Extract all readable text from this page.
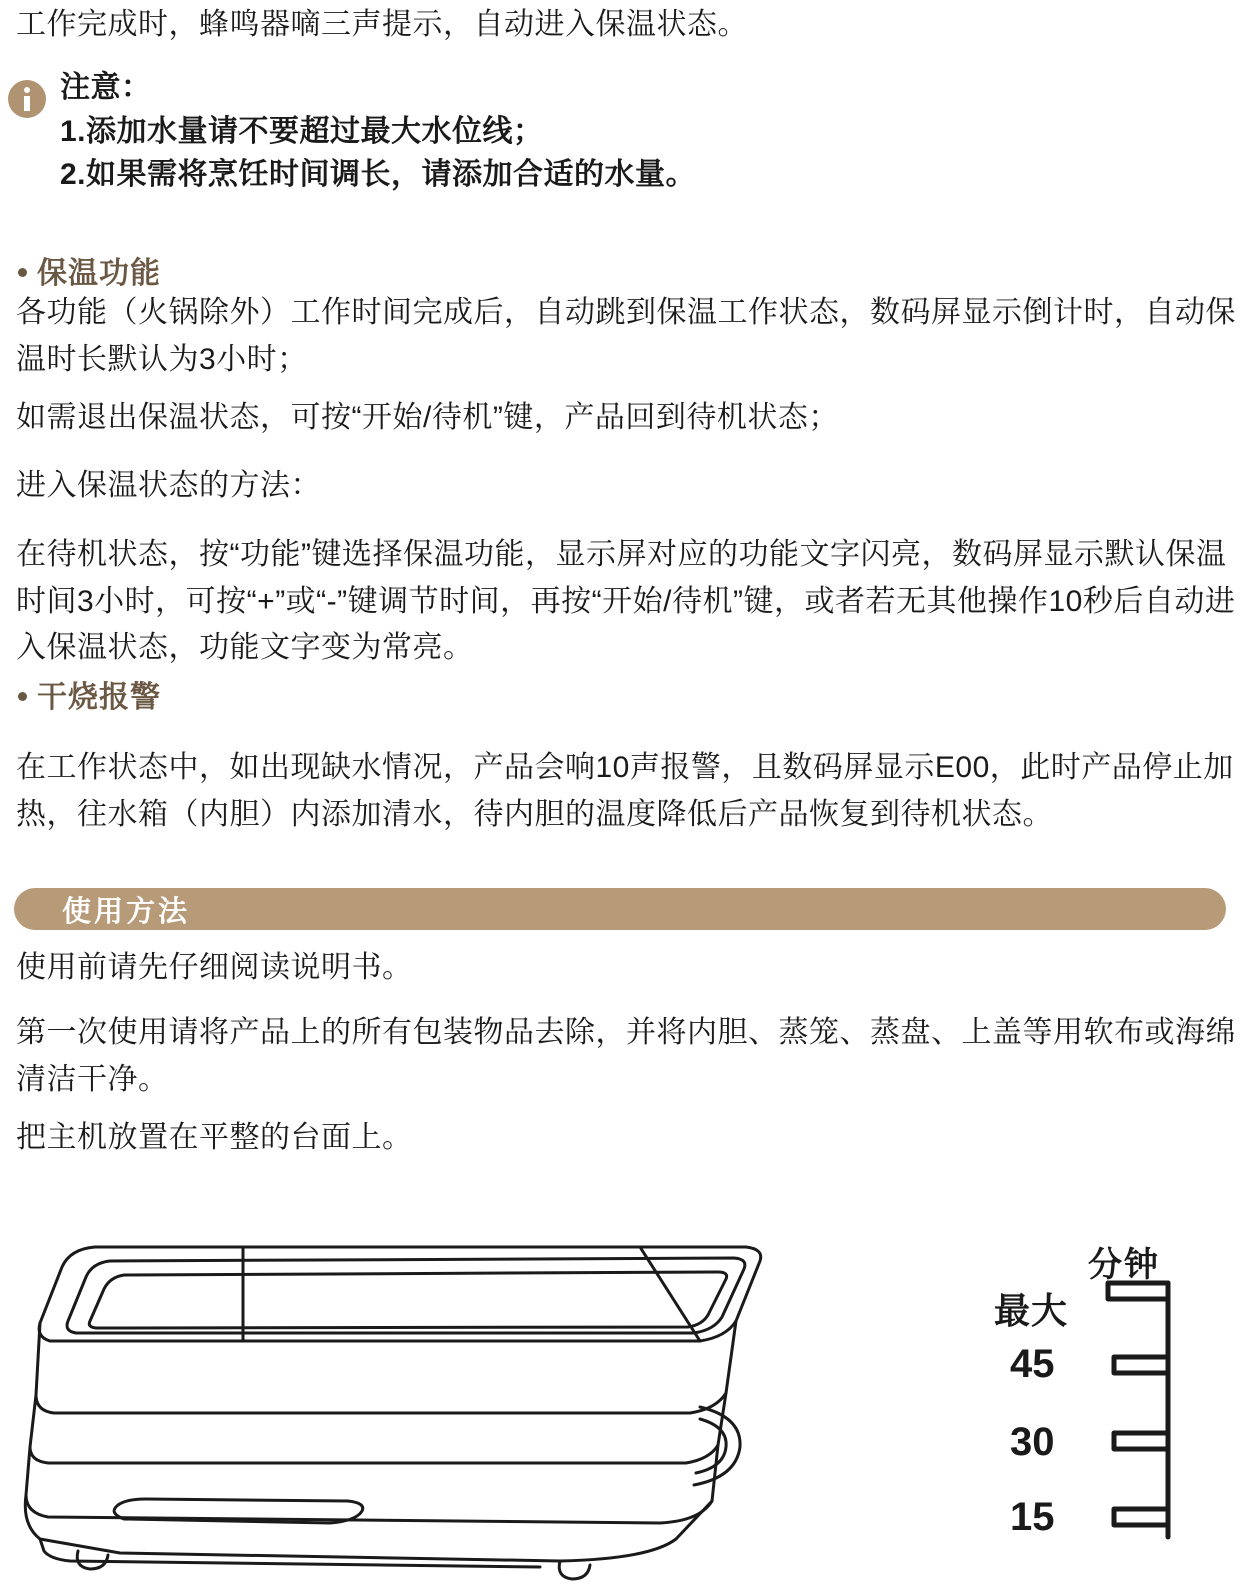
工作完成时，蜂鸣器嘀三声提示，自动进入保温状态。

注意：
1.添加水量请不要超过最大水位线；
2.如果需将烹饪时间调长，请添加合适的水量。
保温功能

各功能（火锅除外）工作时间完成后，自动跳到保温工作状态，数码屏显示倒计时，自动保温时长默认为3小时；

如需退出保温状态，可按“开始/待机”键，产品回到待机状态；

进入保温状态的方法：

在待机状态，按“功能”键选择保温功能，显示屏对应的功能文字闪亮，数码屏显示默认保温时间3小时，可按“+”或“-”键调节时间，再按“开始/待机”键，或者若无其他操作10秒后自动进入保温状态，功能文字变为常亮。

干烧报警

在工作状态中，如出现缺水情况，产品会响10声报警，且数码屏显示E00，此时产品停止加热，往水箱（内胆）内添加清水，待内胆的温度降低后产品恢复到待机状态。

使用方法

使用前请先仔细阅读说明书。

第一次使用请将产品上的所有包装物品去除，并将内胆、蒸笼、蒸盘、上盖等用软布或海绵清洁干净。

把主机放置在平整的台面上。

分钟
最大
45
30
15
